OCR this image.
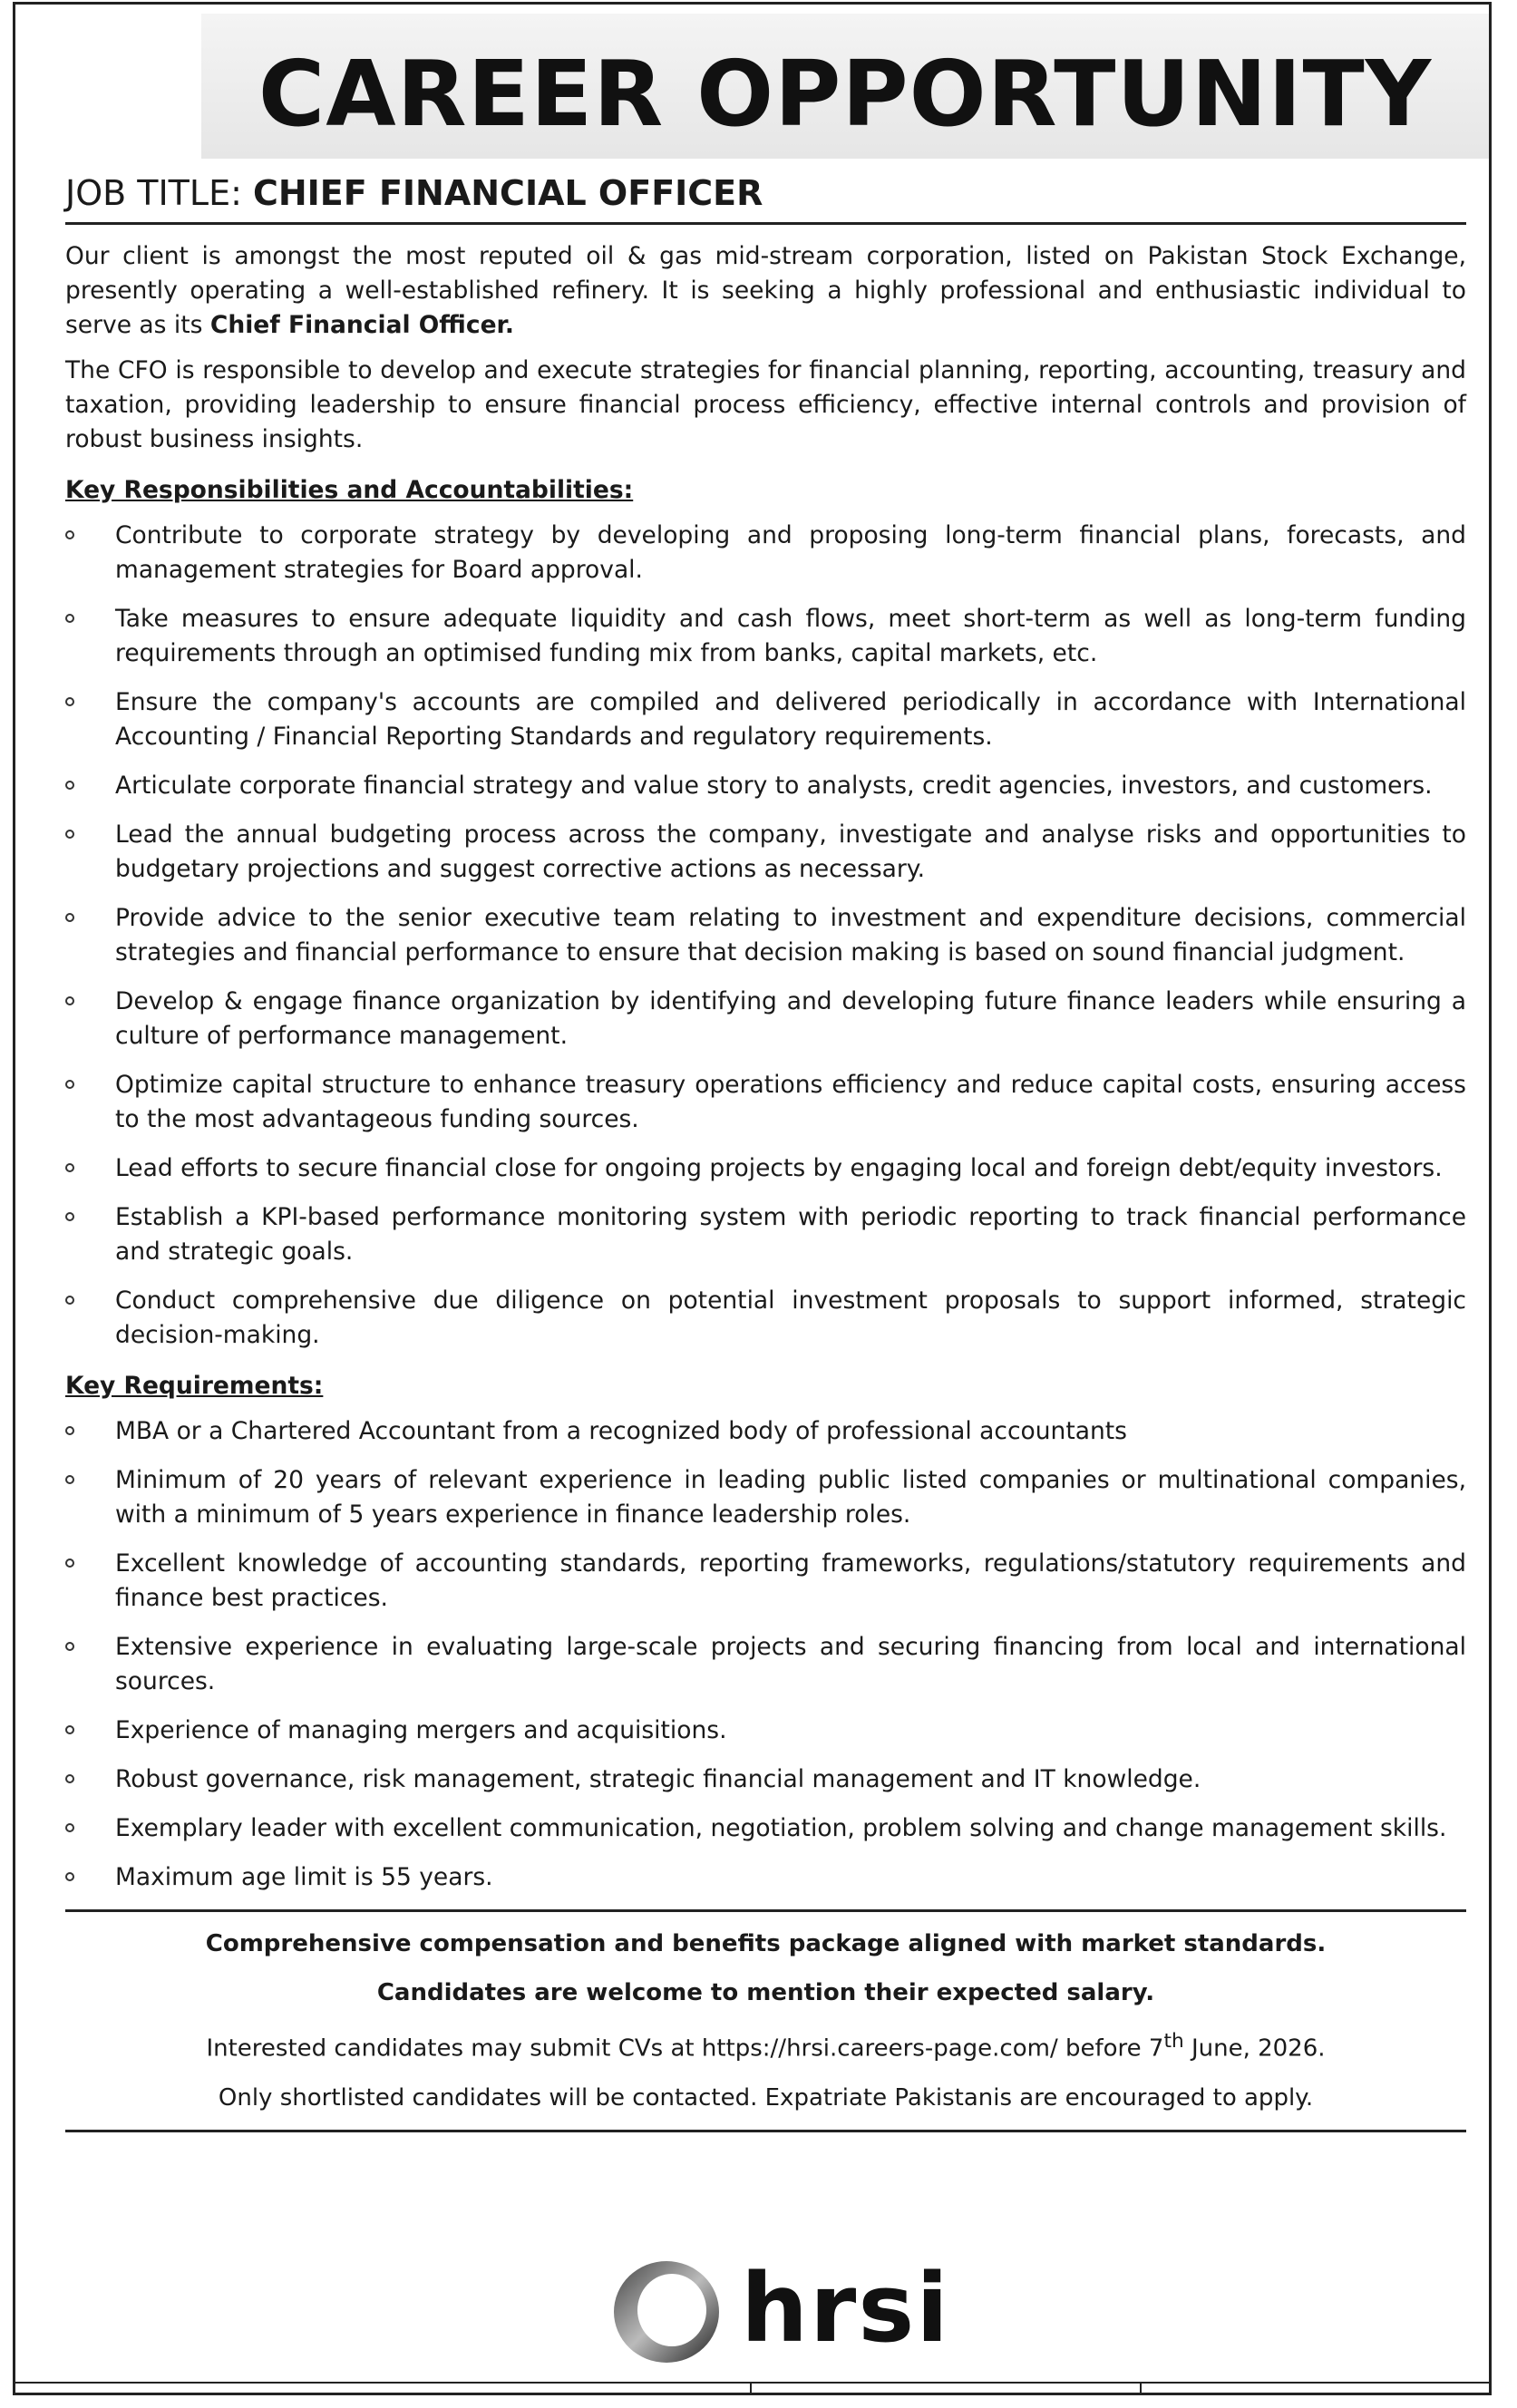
CAREER OPPORTUNITY
JOB TITLE: CHIEF FINANCIAL OFFICER

Our client is amongst the most reputed oil & gas mid-stream corporation, listed on Pakistan Stock Exchange, presently operating a well-established refinery. It is seeking a highly professional and enthusiastic individual to serve as its Chief Financial Officer.

The CFO is responsible to develop and execute strategies for financial planning, reporting, accounting, treasury and taxation, providing leadership to ensure financial process efficiency, effective internal controls and provision of robust business insights.

Key Responsibilities and Accountabilities:
Contribute to corporate strategy by developing and proposing long-term financial plans, forecasts, and management strategies for Board approval.
Take measures to ensure adequate liquidity and cash flows, meet short-term as well as long-term funding requirements through an optimised funding mix from banks, capital markets, etc.
Ensure the company's accounts are compiled and delivered periodically in accordance with International Accounting / Financial Reporting Standards and regulatory requirements.
Articulate corporate financial strategy and value story to analysts, credit agencies, investors, and customers.
Lead the annual budgeting process across the company, investigate and analyse risks and opportunities to budgetary projections and suggest corrective actions as necessary.
Provide advice to the senior executive team relating to investment and expenditure decisions, commercial strategies and financial performance to ensure that decision making is based on sound financial judgment.
Develop & engage finance organization by identifying and developing future finance leaders while ensuring a culture of performance management.
Optimize capital structure to enhance treasury operations efficiency and reduce capital costs, ensuring access to the most advantageous funding sources.
Lead efforts to secure financial close for ongoing projects by engaging local and foreign debt/equity investors.
Establish a KPI-based performance monitoring system with periodic reporting to track financial performance and strategic goals.
Conduct comprehensive due diligence on potential investment proposals to support informed, strategic decision-making.
Key Requirements:
MBA or a Chartered Accountant from a recognized body of professional accountants
Minimum of 20 years of relevant experience in leading public listed companies or multinational companies, with a minimum of 5 years experience in finance leadership roles.
Excellent knowledge of accounting standards, reporting frameworks, regulations/statutory requirements and finance best practices.
Extensive experience in evaluating large-scale projects and securing financing from local and international sources.
Experience of managing mergers and acquisitions.
Robust governance, risk management, strategic financial management and IT knowledge.
Exemplary leader with excellent communication, negotiation, problem solving and change management skills.
Maximum age limit is 55 years.

Comprehensive compensation and benefits package aligned with market standards.

Candidates are welcome to mention their expected salary.

Interested candidates may submit CVs at https://hrsi.careers-page.com/ before 7th June, 2026.

Only shortlisted candidates will be contacted. Expatriate Pakistanis are encouraged to apply.

hrsi
